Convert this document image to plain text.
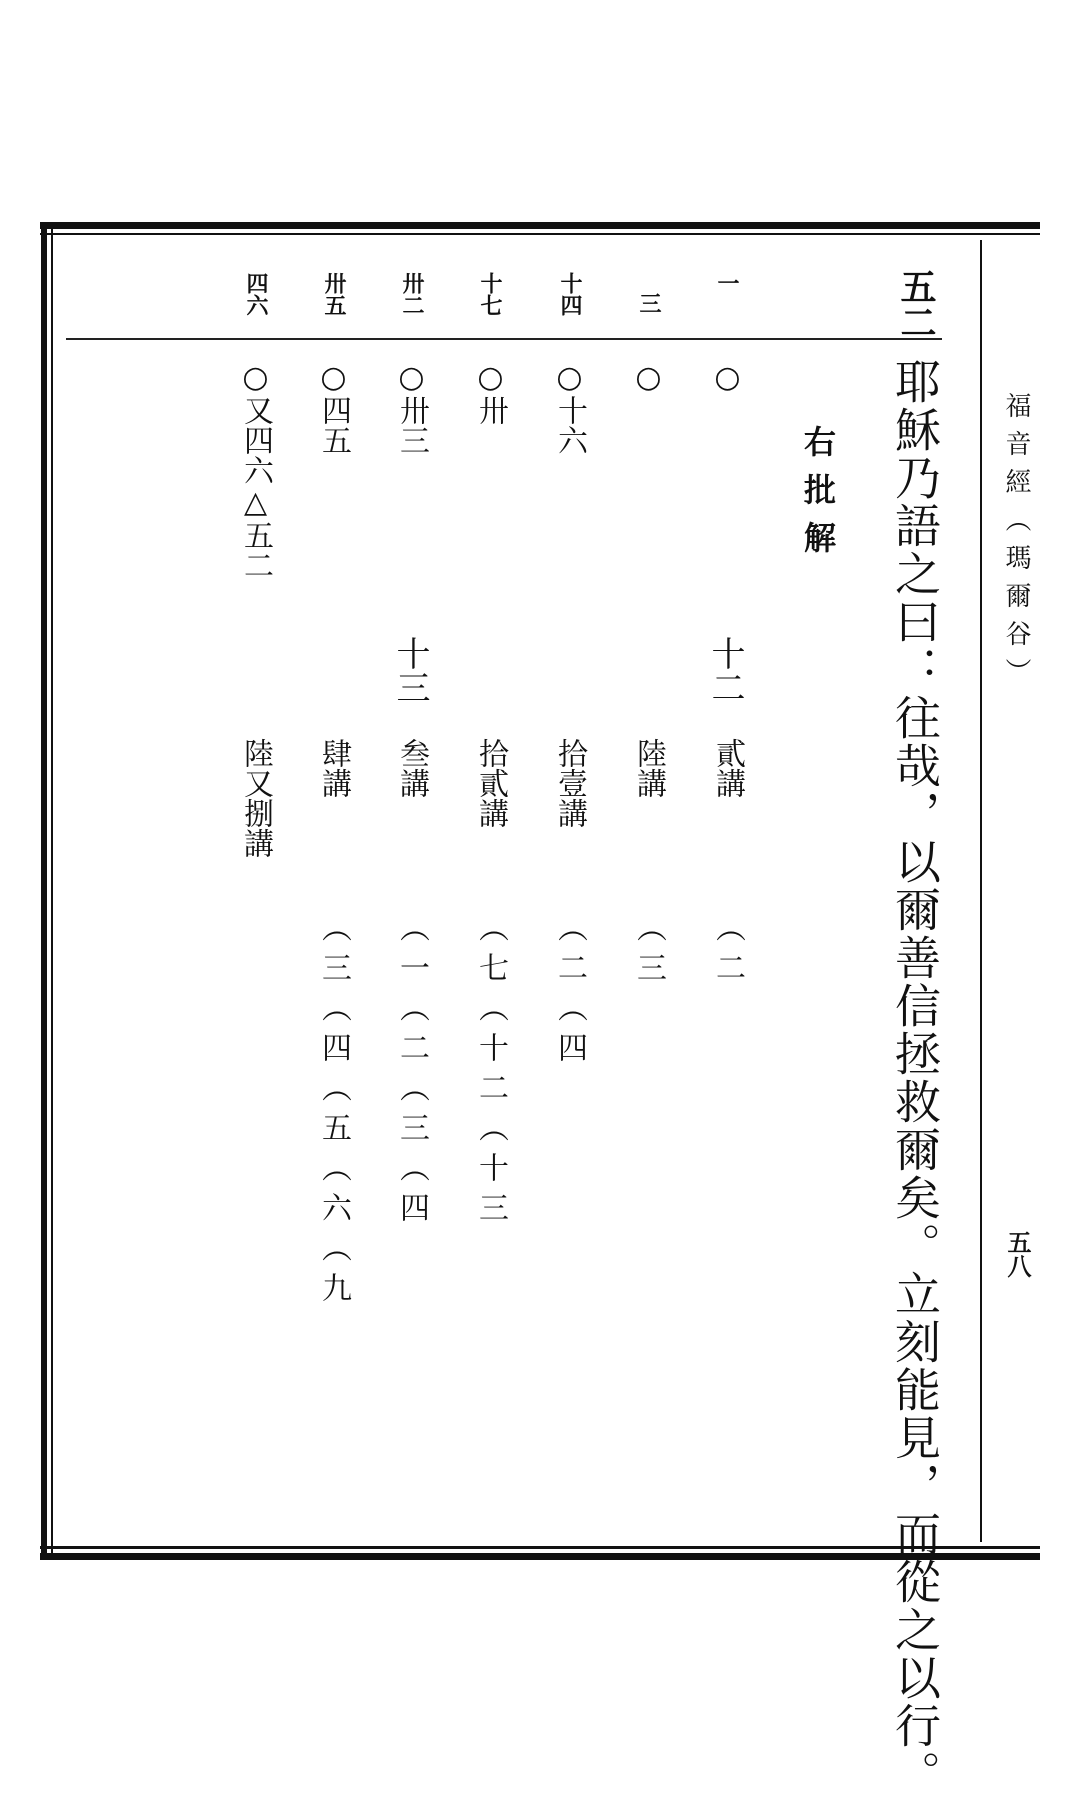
福音經（瑪爾谷）
五八
五二
耶穌乃語之曰：往哉，以爾善信拯救爾矣。立刻能見，而從之以行。
右批解
一
○
十二
貳講
（二
三
○
陸講
（三
十四
○十六
拾壹講
（二（四
十七
○卅
拾貳講
（七（十二（十三
卅二
○卅三
十三
叁講
（一（二（三（四
卅五
○四五
肆講
（三（四（五（六（九
四六
○又四六△五二
陸又捌講
